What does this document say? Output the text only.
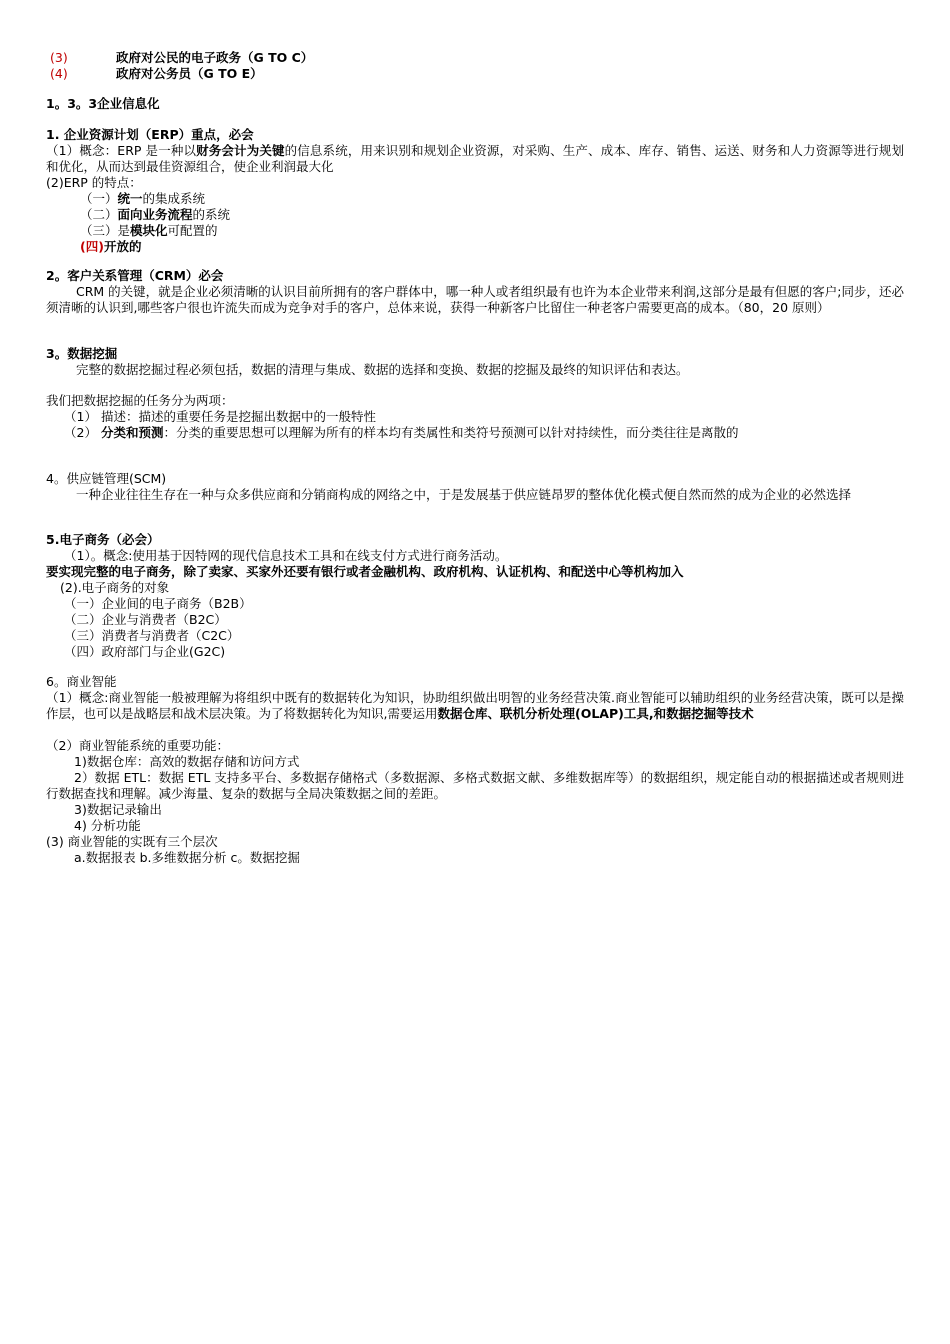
(3)	政府对公民的电子政务（G TO C）
(4)	政府对公务员（G TO E）
1。3。3企业信息化
1. 企业资源计划（ERP）重点，必会
（1）概念：ERP 是一种以财务会计为关键的信息系统，用来识别和规划企业资源，对采购、生产、成本、库存、销售、运送、财务和人力资源等进行规划和优化，从而达到最佳资源组合，使企业利润最大化
(2)ERP 的特点：
（一）统一的集成系统
（二）面向业务流程的系统
（三）是模块化可配置的
(四)开放的
2。客户关系管理（CRM）必会
CRM 的关键，就是企业必须清晰的认识目前所拥有的客户群体中，哪一种人或者组织最有也许为本企业带来利润,这部分是最有但愿的客户;同步，还必须清晰的认识到,哪些客户很也许流失而成为竞争对手的客户，总体来说，获得一种新客户比留住一种老客户需要更高的成本。（80，20 原则）
3。数据挖掘
完整的数据挖掘过程必须包括，数据的清理与集成、数据的选择和变换、数据的挖掘及最终的知识评估和表达。
我们把数据挖掘的任务分为两项：
（1） 描述：描述的重要任务是挖掘出数据中的一般特性
（2） 分类和预测：分类的重要思想可以理解为所有的样本均有类属性和类符号预测可以针对持续性，而分类往往是离散的
4。供应链管理(SCM)
一种企业往往生存在一种与众多供应商和分销商构成的网络之中，于是发展基于供应链昂罗的整体优化模式便自然而然的成为企业的必然选择
5.电子商务（必会）
（1）。概念:使用基于因特网的现代信息技术工具和在线支付方式进行商务活动。
要实现完整的电子商务，除了卖家、买家外还要有银行或者金融机构、政府机构、认证机构、和配送中心等机构加入
(2).电子商务的对象
（一）企业间的电子商务（B2B）
（二）企业与消费者（B2C）
（三）消费者与消费者（C2C）
（四）政府部门与企业(G2C)
6。商业智能
（1）概念:商业智能一般被理解为将组织中既有的数据转化为知识，协助组织做出明智的业务经营决策.商业智能可以辅助组织的业务经营决策，既可以是操作层，也可以是战略层和战术层决策。为了将数据转化为知识,需要运用数据仓库、联机分析处理(OLAP)工具,和数据挖掘等技术
（2）商业智能系统的重要功能：
1)数据仓库：高效的数据存储和访问方式
2）数据 ETL：数据 ETL 支持多平台、多数据存储格式（多数据源、多格式数据文献、多维数据库等）的数据组织，规定能自动的根据描述或者规则进行数据查找和理解。减少海量、复杂的数据与全局决策数据之间的差距。
3)数据记录输出
4) 分析功能
(3) 商业智能的实既有三个层次
a.数据报表 b.多维数据分析 c。数据挖掘
